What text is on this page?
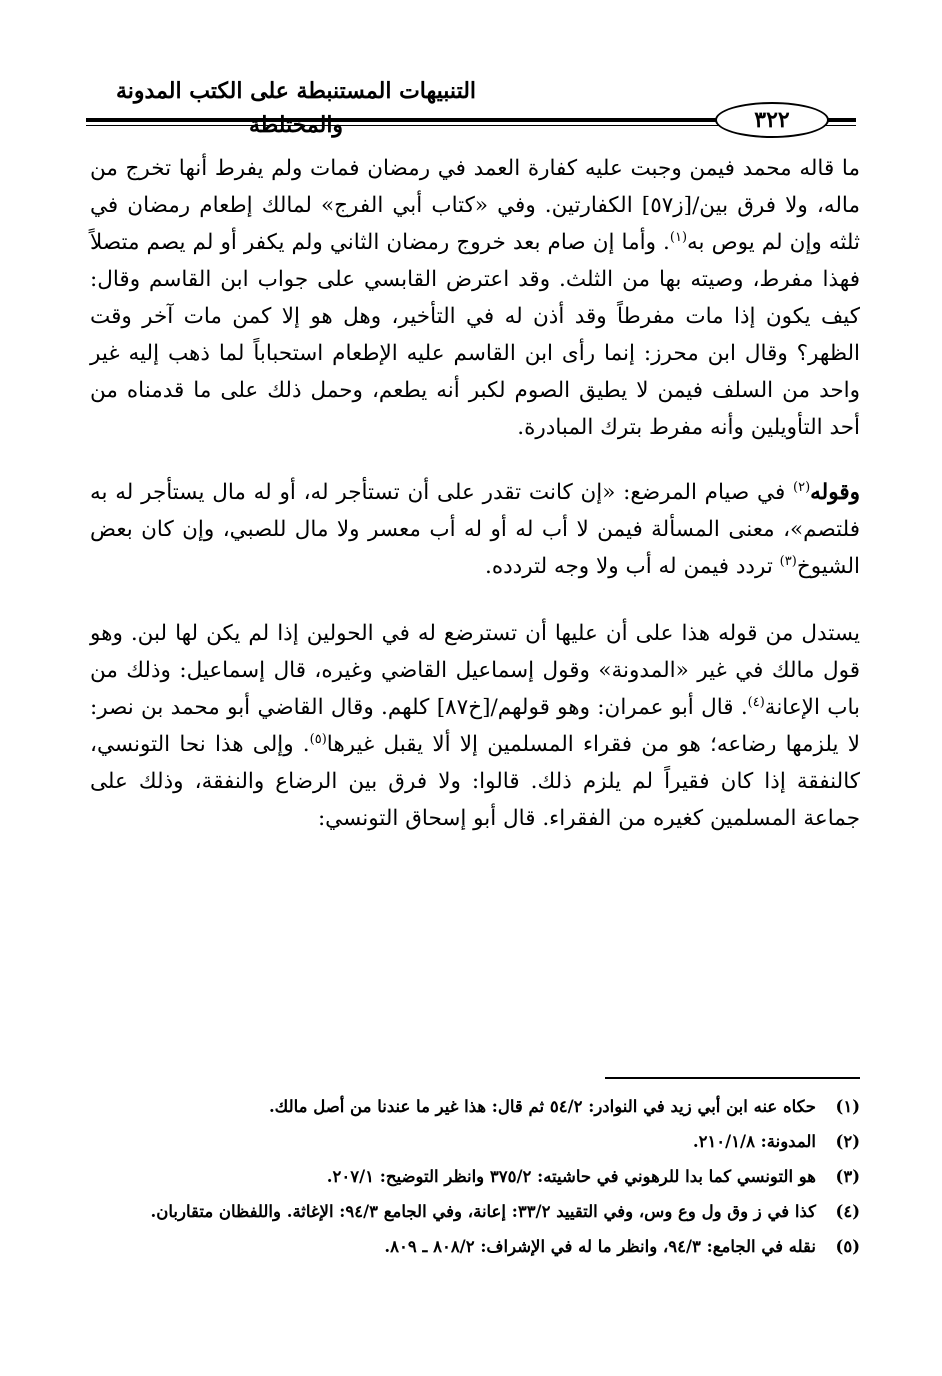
التنبيهات المستنبطة على الكتب المدونة
٣٢٢

ما قاله محمد فيمن وجبت عليه كفارة العمد في رمضان فمات ولم يفرط أنها تخرج من ماله، ولا فرق بين/[ز٥٧] الكفارتين. وفي «كتاب أبي الفرج» لمالك إطعام رمضان في ثلثه وإن لم يوص به$^{(١)}$. وأما إن صام بعد خروج رمضان الثاني ولم يكفر أو لم يصم متصلاً فهذا مفرط، وصيته بها من الثلث. وقد اعترض القابسي على جواب ابن القاسم وقال: كيف يكون إذا مات مفرطاً وقد أذن له في التأخير، وهل هو إلا كمن مات آخر وقت الظهر؟ وقال ابن محرز: إنما رأى ابن القاسم عليه الإطعام استحباباً لما ذهب إليه غير واحد من السلف فيمن لا يطيق الصوم لكبر أنه يطعم، وحمل ذلك على ما قدمناه من أحد التأويلين وأنه مفرط بترك المبادرة.

وقوله$^{(٢)}$ في صيام المرضع: «إن كانت تقدر على أن تستأجر له، أو له مال يستأجر له به فلتصم»، معنى المسألة فيمن لا أب له أو له أب معسر ولا مال للصبي، وإن كان بعض الشيوخ$^{(٣)}$ تردد فيمن له أب ولا وجه لتردده.

يستدل من قوله هذا على أن عليها أن تسترضع له في الحولين إذا لم يكن لها لبن. وهو قول مالك في غير «المدونة» وقول إسماعيل القاضي وغيره، قال إسماعيل: وذلك من باب الإعانة$^{(٤)}$. قال أبو عمران: وهو قولهم/[خ٨٧] كلهم. وقال القاضي أبو محمد بن نصر: لا يلزمها رضاعه؛ هو من فقراء المسلمين إلا ألا يقبل غيرها$^{(٥)}$. وإلى هذا نحا التونسي، كالنفقة إذا كان فقيراً لم يلزم ذلك. قالوا: ولا فرق بين الرضاع والنفقة، وذلك على جماعة المسلمين كغيره من الفقراء. قال أبو إسحاق التونسي:

(١)
حكاه عنه ابن أبي زيد في النوادر: ٥٤/٢ ثم قال: هذا غير ما عندنا من أصل مالك.
(٢)
المدونة: ٢١٠/١/٨.
(٣)
هو التونسي كما بدا للرهوني في حاشيته: ٣٧٥/٢ وانظر التوضيح: ٢٠٧/١.
(٤)
كذا في ز وق ول وع وس، وفي التقييد ٣٣/٢: إعانة، وفي الجامع ٩٤/٣: الإغاثة. واللفظان متقاربان.
(٥)
نقله في الجامع: ٩٤/٣، وانظر ما له في الإشراف: ٨٠٨/٢ ـ ٨٠٩.
